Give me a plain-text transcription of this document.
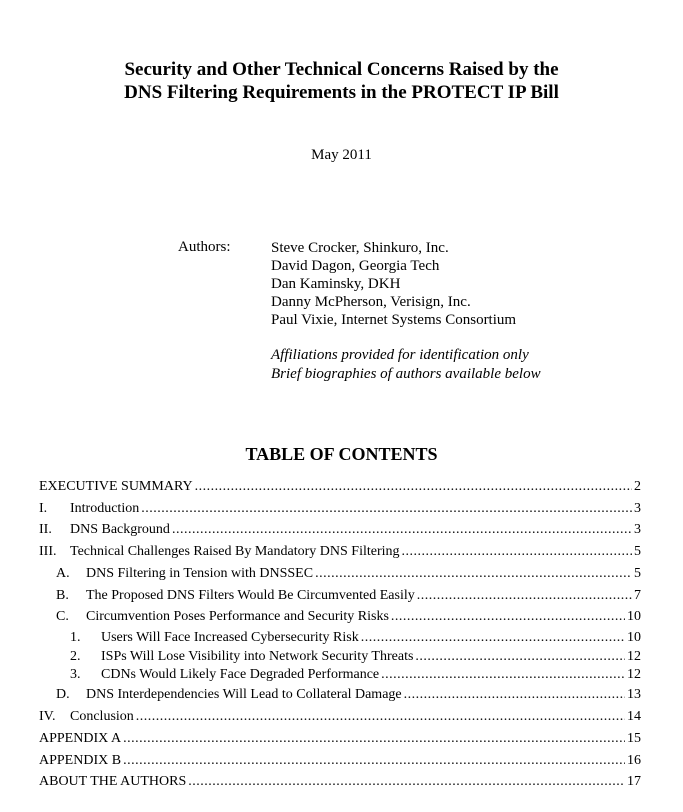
Security and Other Technical Concerns Raised by the
DNS Filtering Requirements in the PROTECT IP Bill
May 2011
Authors:	Steve Crocker, Shinkuro, Inc.
David Dagon, Georgia Tech
Dan Kaminsky, DKH
Danny McPherson, Verisign, Inc.
Paul Vixie, Internet Systems Consortium
Affiliations provided for identification only
Brief biographies of authors available below
TABLE OF CONTENTS
EXECUTIVE SUMMARY .....	2
I.	Introduction .....	3
II.	DNS Background .....	3
III. Technical Challenges Raised By Mandatory DNS Filtering .....	5
A.	DNS Filtering in Tension with DNSSEC .....	5
B.	The Proposed DNS Filters Would Be Circumvented Easily .....	7
C.	Circumvention Poses Performance and Security Risks .....	10
1.	Users Will Face Increased Cybersecurity Risk .....	10
2.	ISPs Will Lose Visibility into Network Security Threats .....	12
3.	CDNs Would Likely Face Degraded Performance .....	12
D.	DNS Interdependencies Will Lead to Collateral Damage .....	13
IV.	Conclusion .....	14
APPENDIX A .....	15
APPENDIX B .....	16
ABOUT THE AUTHORS .....	17
